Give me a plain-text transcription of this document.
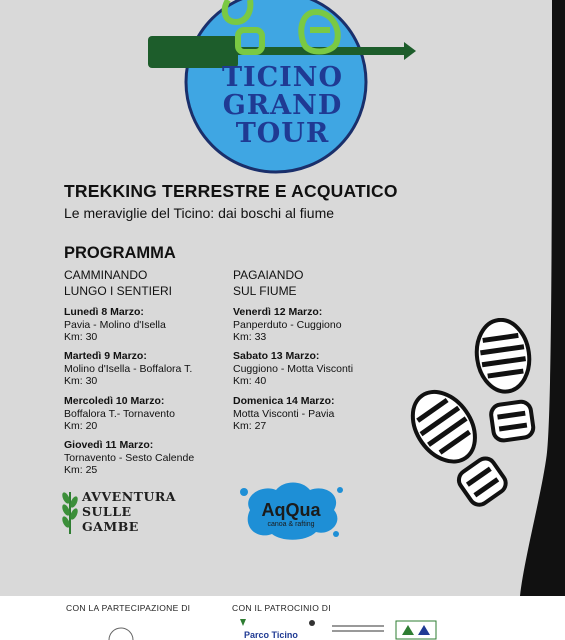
TICINO
GRAND
TOUR
TREKKING TERRESTRE E ACQUATICO
Le meraviglie del Ticino: dai boschi al fiume
PROGRAMMA
CAMMINANDO
LUNGO I SENTIERI
PAGAIANDO
SUL FIUME
Lunedì 8 Marzo:
Pavia - Molino d'Isella
Km: 30
Martedì 9 Marzo:
Molino d'Isella - Boffalora T.
Km: 30
Mercoledì 10 Marzo:
Boffalora T.- Tornavento
Km: 20
Giovedì 11 Marzo:
Tornavento - Sesto Calende
Km: 25
Venerdì 12 Marzo:
Panperduto - Cuggiono
Km: 33
Sabato 13 Marzo:
Cuggiono - Motta Visconti
Km: 40
Domenica 14 Marzo:
Motta Visconti - Pavia
Km: 27
AVVENTURA
SULLE
GAMBE
AqQua
canoa & rafting
CON LA PARTECIPAZIONE DI	CON IL PATROCINIO DI
Parco Ticino
